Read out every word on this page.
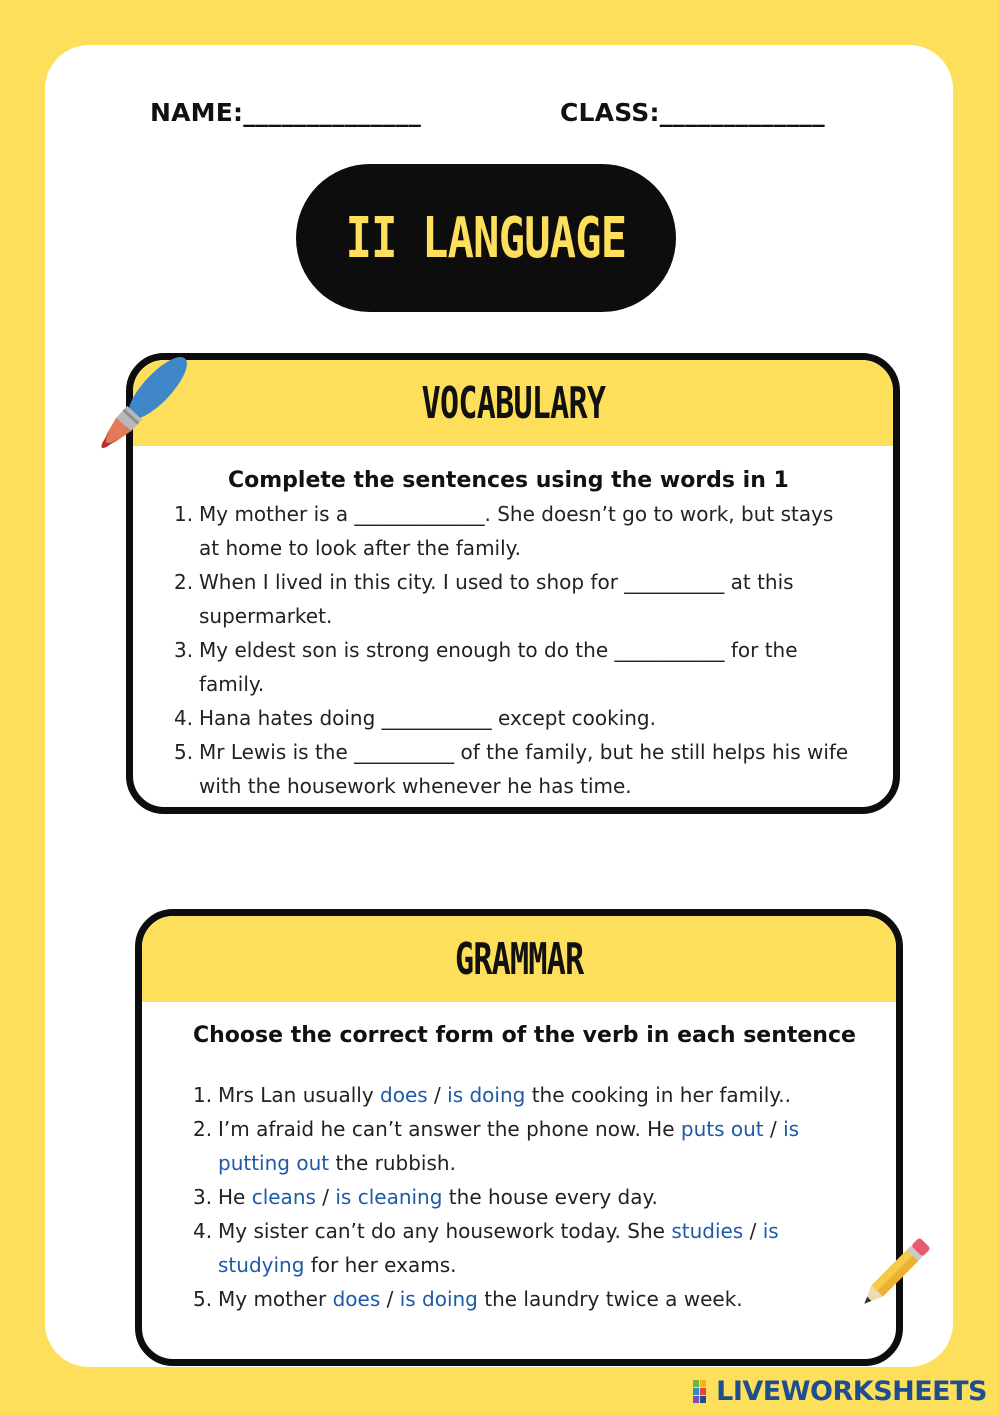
NAME:______________	CLASS:_____________
II LANGUAGE
VOCABULARY
Complete the sentences using the words in 1
1. My mother is a _____________. She doesn’t go to work, but stays at home to look after the family.
2. When I lived in this city. I used to shop for __________ at this supermarket.
3. My eldest son is strong enough to do the ___________ for the family.
4. Hana hates doing ___________ except cooking.
5. Mr Lewis is the __________ of the family, but he still helps his wife with the housework whenever he has time.
GRAMMAR
Choose the correct form of the verb in each sentence
1. Mrs Lan usually does / is doing the cooking in her family..
2. I’m afraid he can’t answer the phone now. He puts out / is putting out the rubbish.
3. He cleans / is cleaning the house every day.
4. My sister can’t do any housework today. She studies / is studying for her exams.
5. My mother does / is doing the laundry twice a week.
LIVEWORKSHEETS
